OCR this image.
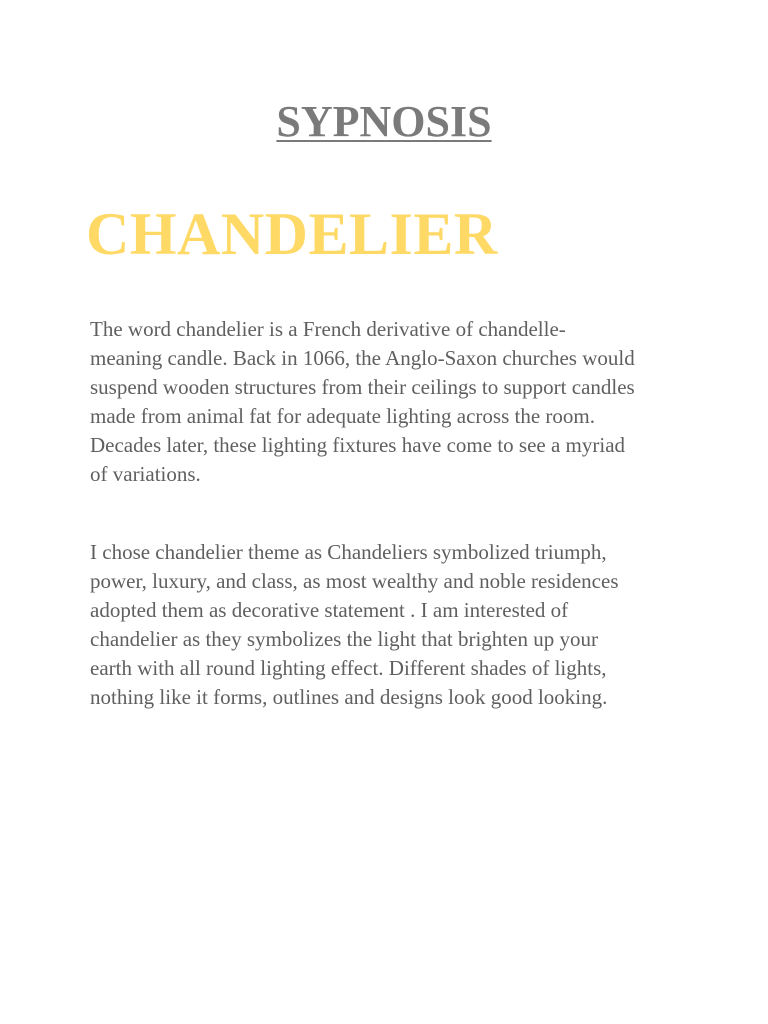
SYPNOSIS
CHANDELIER

The word chandelier is a French derivative of chandelle-
meaning candle. Back in 1066, the Anglo-Saxon churches would
suspend wooden structures from their ceilings to support candles
made from animal fat for adequate lighting across the room.
Decades later, these lighting fixtures have come to see a myriad
of variations.

I chose chandelier theme as Chandeliers symbolized triumph,
power, luxury, and class, as most wealthy and noble residences
adopted them as decorative statement . I am interested of
chandelier as they symbolizes the light that brighten up your
earth with all round lighting effect. Different shades of lights,
nothing like it forms, outlines and designs look good looking.
